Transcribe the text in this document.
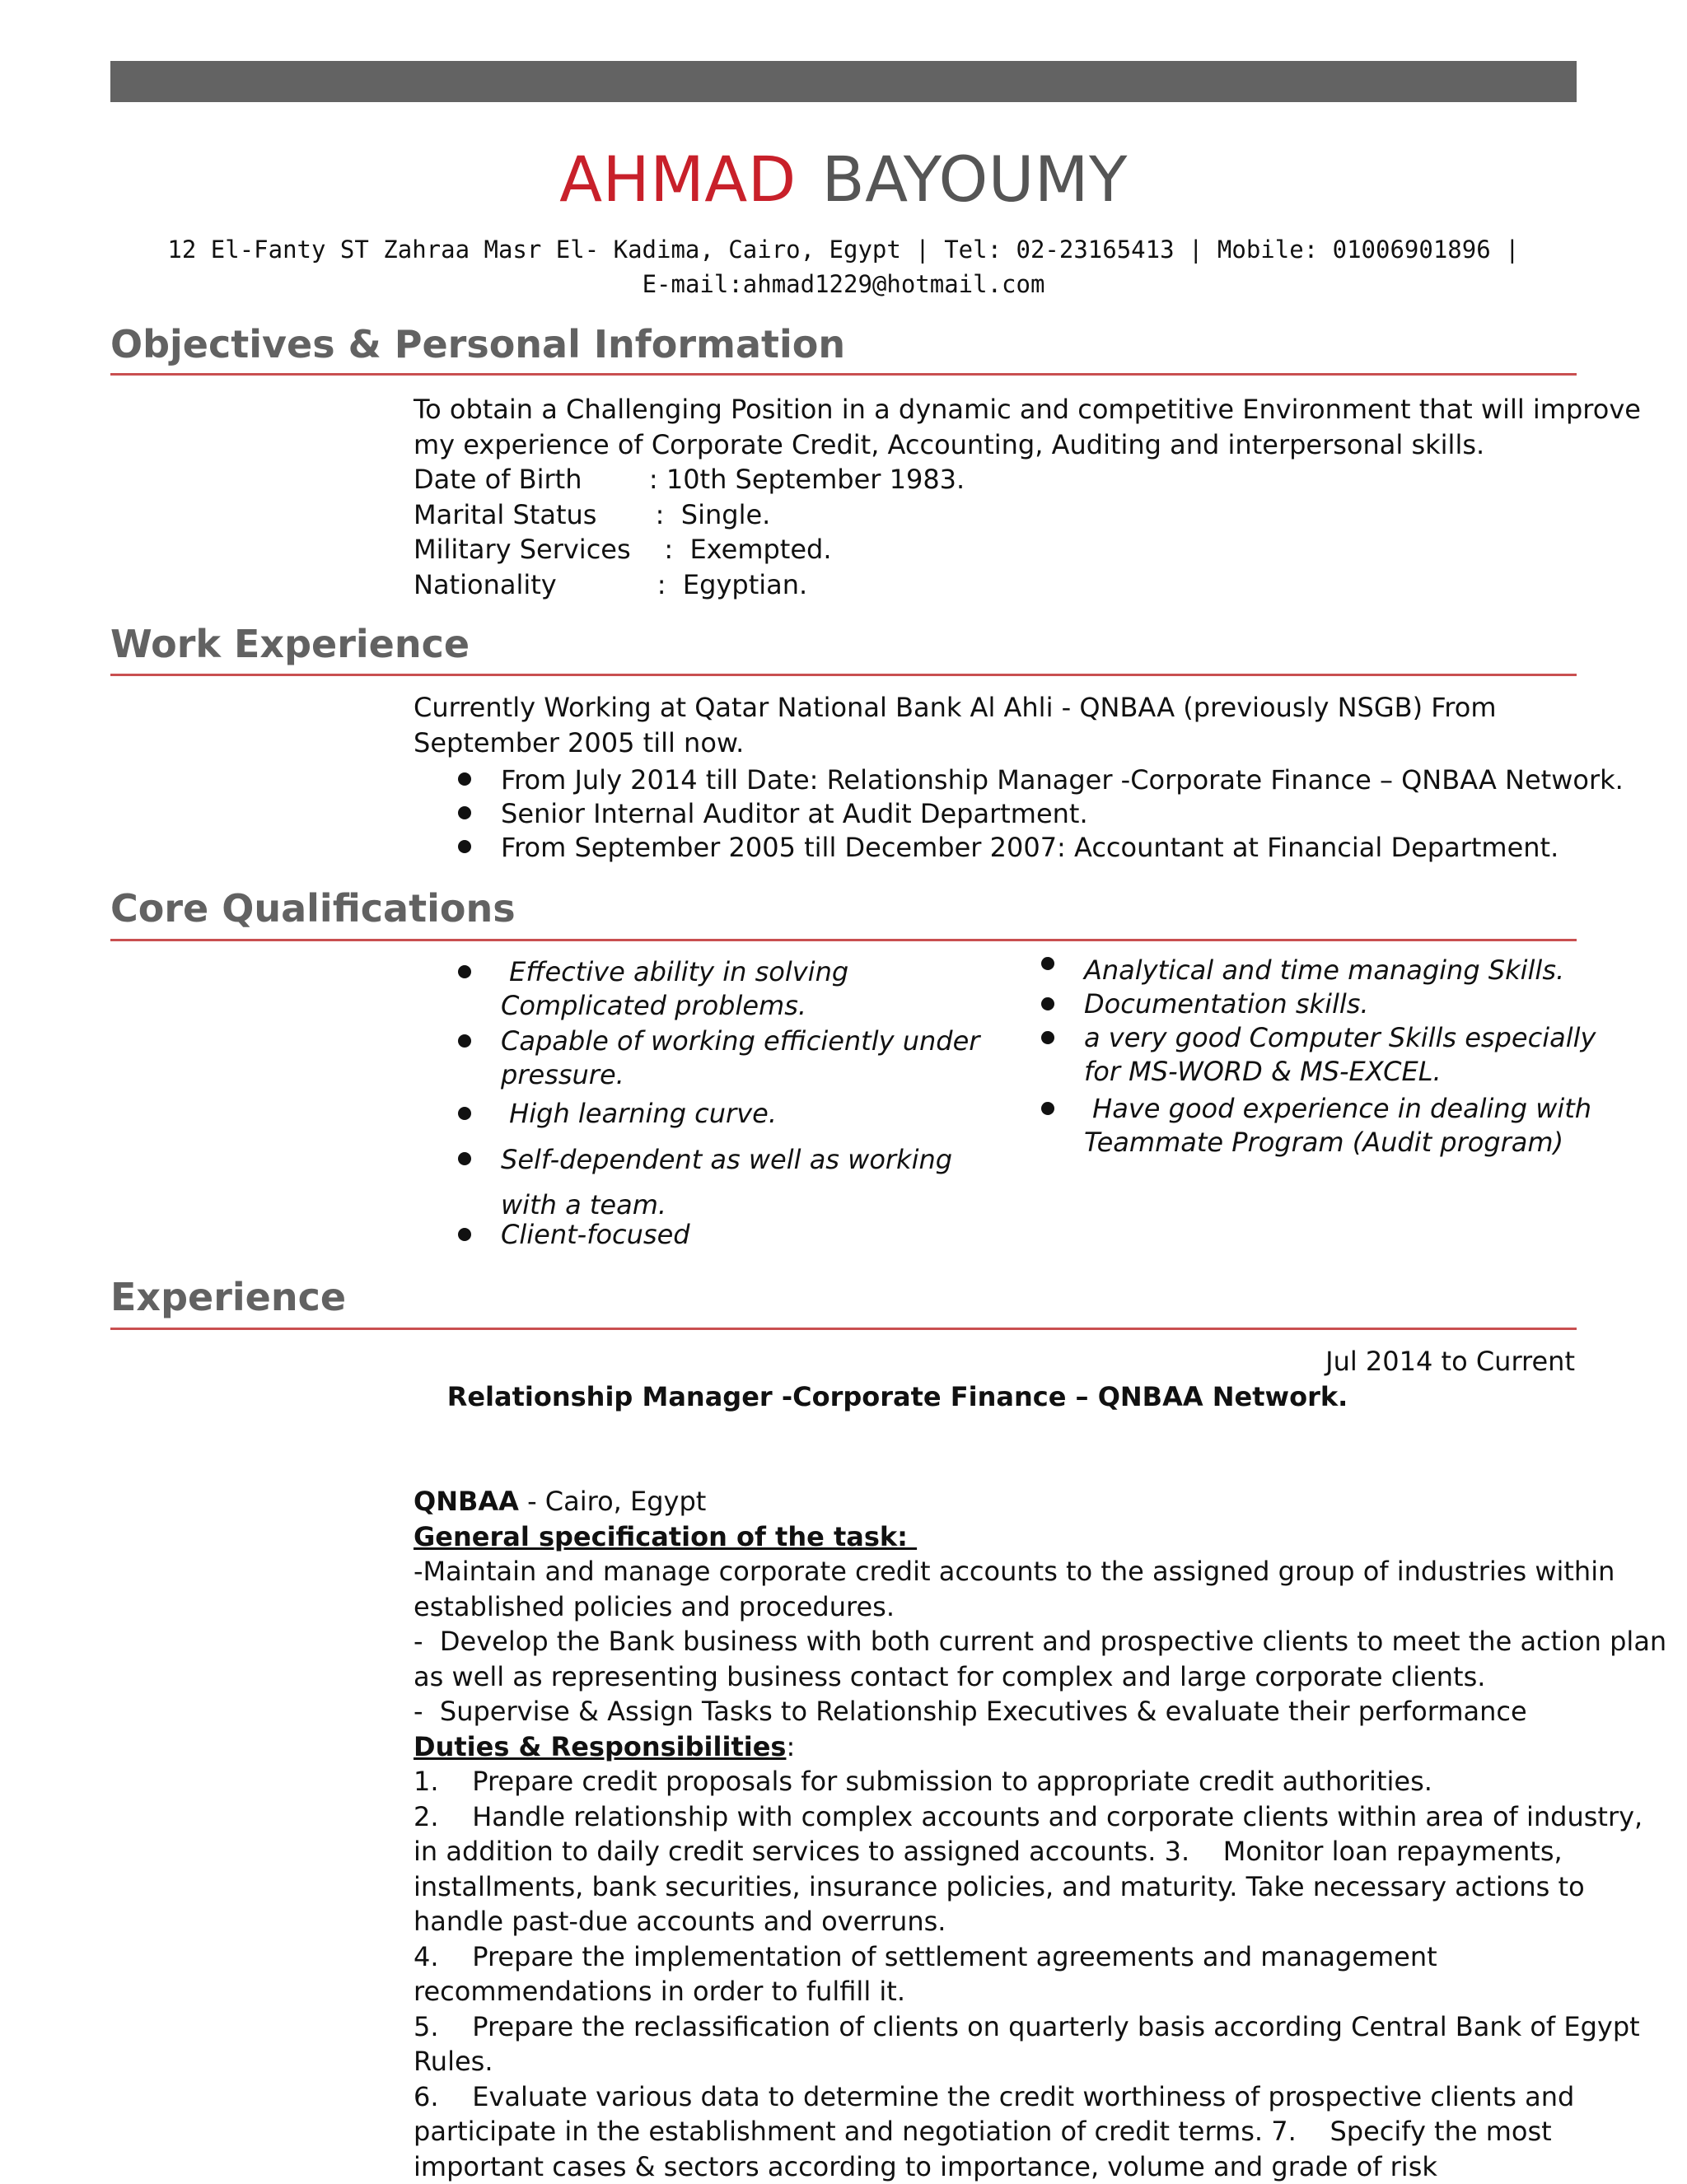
AHMAD BAYOUMY
12 El-Fanty ST Zahraa Masr El- Kadima, Cairo, Egypt | Tel: 02-23165413 | Mobile: 01006901896 |
E-mail:ahmad1229@hotmail.com
Objectives & Personal Information
To obtain a Challenging Position in a dynamic and competitive Environment that will improve
my experience of Corporate Credit, Accounting, Auditing and interpersonal skills.
Date of Birth        : 10th September 1983.
Marital Status       :  Single.
Military Services    :  Exempted.
Nationality            :  Egyptian.
Work Experience
Currently Working at Qatar National Bank Al Ahli - QNBAA (previously NSGB) From
September 2005 till now.
From July 2014 till Date: Relationship Manager -Corporate Finance – QNBAA Network.
Senior Internal Auditor at Audit Department.
From September 2005 till December 2007: Accountant at Financial Department.
Core Qualifications
Effective ability in solving
Complicated problems.
Capable of working efficiently under
pressure.
High learning curve.
Self-dependent as well as working
with a team.
Client-focused
Analytical and time managing Skills.
Documentation skills.
a very good Computer Skills especially
for MS-WORD & MS-EXCEL.
Have good experience in dealing with
Teammate Program (Audit program)
Experience

Relationship Manager -Corporate Finance – QNBAA Network.

Jul 2014 to Current

QNBAA - Cairo, Egypt
General specification of the task:
-Maintain and manage corporate credit accounts to the assigned group of industries within
established policies and procedures.
-  Develop the Bank business with both current and prospective clients to meet the action plan
as well as representing business contact for complex and large corporate clients.
-  Supervise & Assign Tasks to Relationship Executives & evaluate their performance
Duties & Responsibilities:
1.    Prepare credit proposals for submission to appropriate credit authorities.
2.    Handle relationship with complex accounts and corporate clients within area of industry,
in addition to daily credit services to assigned accounts. 3.    Monitor loan repayments,
installments, bank securities, insurance policies, and maturity. Take necessary actions to
handle past-due accounts and overruns.
4.    Prepare the implementation of settlement agreements and management
recommendations in order to fulfill it.
5.    Prepare the reclassification of clients on quarterly basis according Central Bank of Egypt
Rules.
6.    Evaluate various data to determine the credit worthiness of prospective clients and
participate in the establishment and negotiation of credit terms. 7.    Specify the most
important cases & sectors according to importance, volume and grade of risk
